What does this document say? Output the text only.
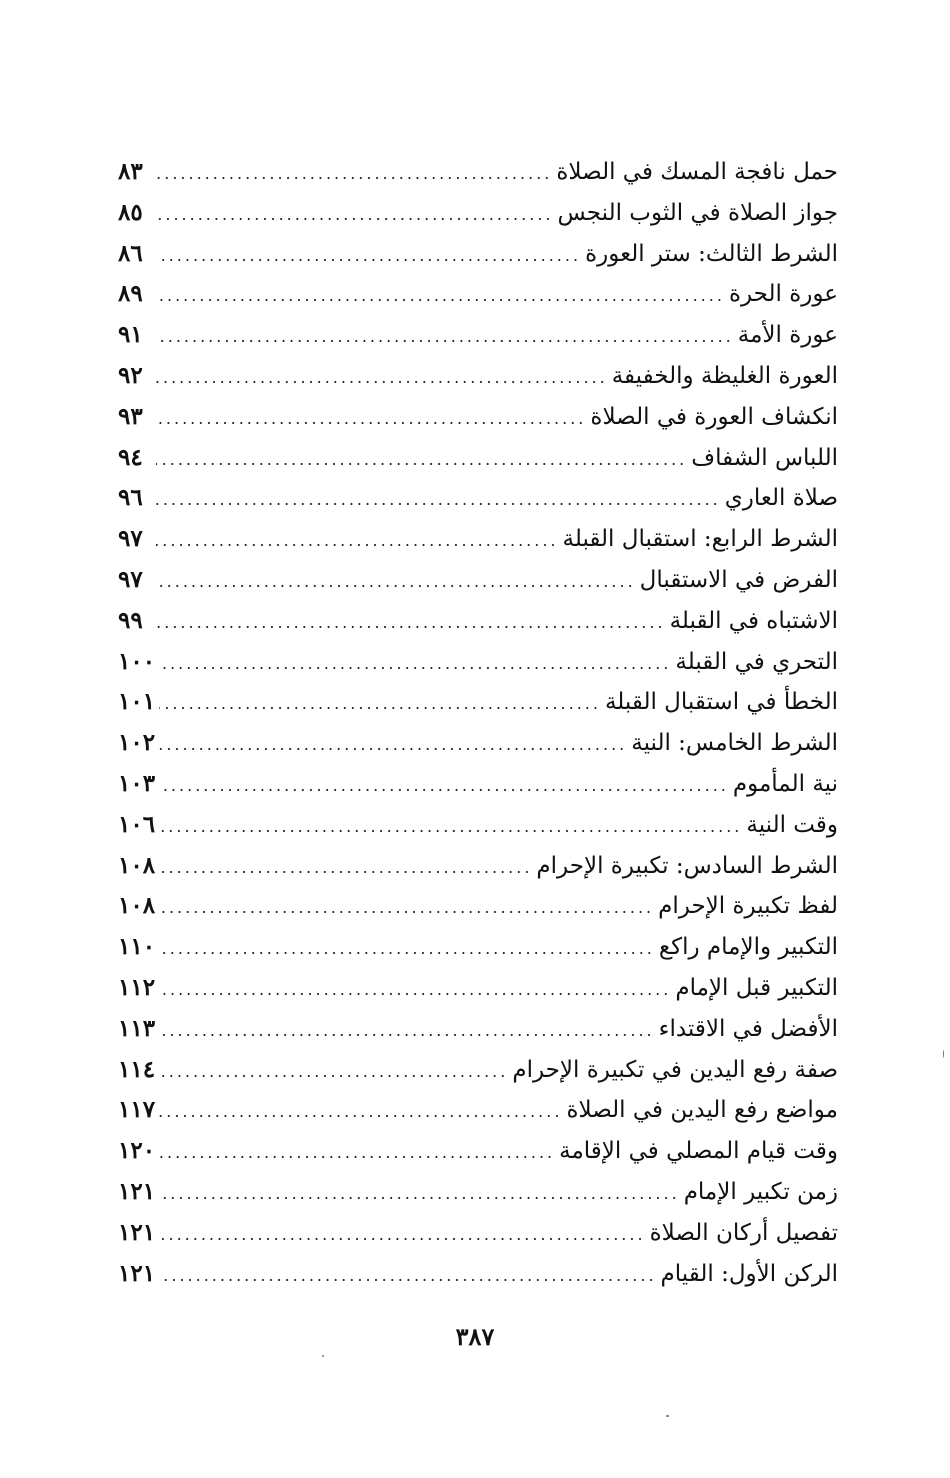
حمل نافجة المسك في الصلاة
.....
٨٣
جواز الصلاة في الثوب النجس
.....
٨٥
الشرط الثالث: ستر العورة
.....
٨٦
عورة الحرة
.....
٨٩
عورة الأمة
.....
٩١
العورة الغليظة والخفيفة
.....
٩٢
انكشاف العورة في الصلاة
.....
٩٣
اللباس الشفاف
.....
٩٤
صلاة العاري
.....
٩٦
الشرط الرابع: استقبال القبلة
.....
٩٧
الفرض في الاستقبال
.....
٩٧
الاشتباه في القبلة
.....
٩٩
التحري في القبلة
.....
١٠٠
الخطأ في استقبال القبلة
.....
١٠١
الشرط الخامس: النية
.....
١٠٢
نية المأموم
.....
١٠٣
وقت النية
.....
١٠٦
الشرط السادس: تكبيرة الإحرام
.....
١٠٨
لفظ تكبيرة الإحرام
.....
١٠٨
التكبير والإمام راكع
.....
١١٠
التكبير قبل الإمام
.....
١١٢
الأفضل في الاقتداء
.....
١١٣
صفة رفع اليدين في تكبيرة الإحرام
.....
١١٤
مواضع رفع اليدين في الصلاة
.....
١١٧
وقت قيام المصلي في الإقامة
.....
١٢٠
زمن تكبير الإمام
.....
١٢١
تفصيل أركان الصلاة
.....
١٢١
الركن الأول: القيام
.....
١٢١
٣٨٧
